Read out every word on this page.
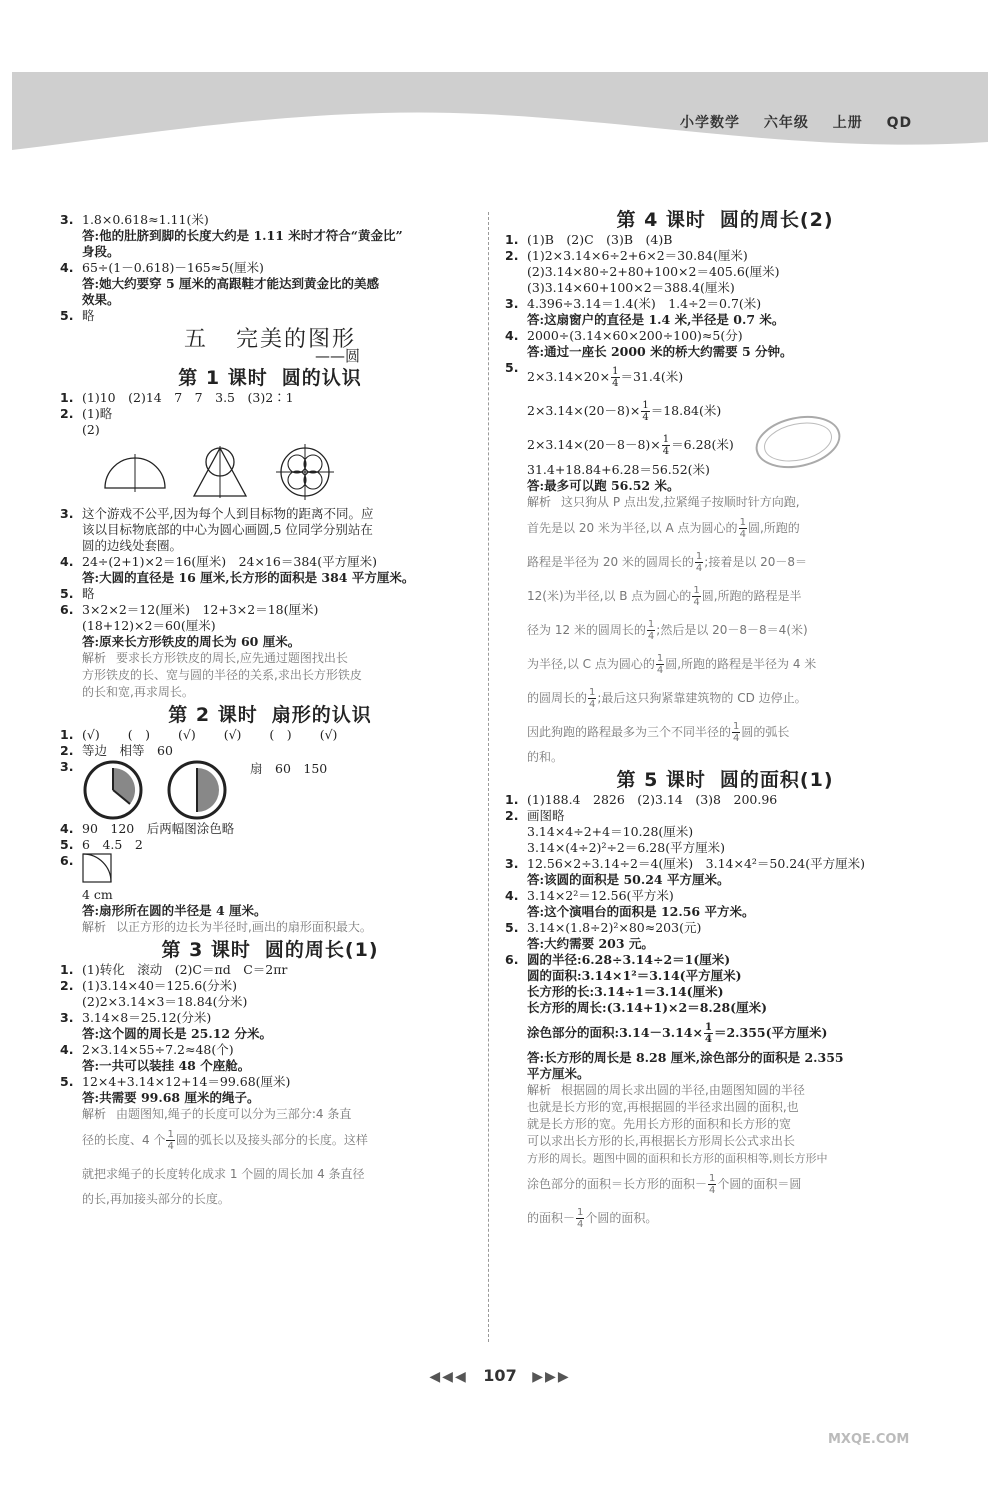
小学数学 六年级 上册 QD
3. 1.8×0.618≈1.11(米)
答:他的肚脐到脚的长度大约是 1.11 米时才符合“黄金比”
身段。
4. 65÷(1－0.618)－165≈5(厘米)
答:她大约要穿 5 厘米的高跟鞋才能达到黄金比的美感
效果。
5. 略
五 完美的图形
——圆
第 1 课时 圆的认识
1. (1)10　(2)14　7　7　3.5　(3)2∶1
2. (1)略
(2)
3. 这个游戏不公平,因为每个人到目标物的距离不同。应
该以目标物底部的中心为圆心画圆,5 位同学分别站在
圆的边线处套圈。
4. 24÷(2+1)×2＝16(厘米)　24×16＝384(平方厘米)
答:大圆的直径是 16 厘米,长方形的面积是 384 平方厘米。
5. 略
6. 3×2×2＝12(厘米)　12+3×2＝18(厘米)
(18+12)×2＝60(厘米)
答:原来长方形铁皮的周长为 60 厘米。
解析 要求长方形铁皮的周长,应先通过题图找出长
方形铁皮的长、宽与圆的半径的关系,求出长方形铁皮
的长和宽,再求周长。
第 2 课时 扇形的认识
1. (√) (　) (√) (√) (　) (√)
2. 等边　相等　60
3.	扇　60　150
4. 90　120　后两幅图涂色略
5. 6　4.5　2
6.
4 cm
答:扇形所在圆的半径是 4 厘米。
解析 以正方形的边长为半径时,画出的扇形面积最大。
第 3 课时 圆的周长(1)
1. (1)转化　滚动　(2)C＝πd　C＝2πr
2. (1)3.14×40＝125.6(分米)
(2)2×3.14×3＝18.84(分米)
3. 3.14×8＝25.12(分米)
答:这个圆的周长是 25.12 分米。
4. 2×3.14×55÷7.2≈48(个)
答:一共可以装挂 48 个座舱。
5. 12×4+3.14×12+14＝99.68(厘米)
答:共需要 99.68 厘米的绳子。
解析 由题图知,绳子的长度可以分为三部分:4 条直
径的长度、4 个 $\frac{1}{4}$ 圆的弧长以及接头部分的长度。这样
就把求绳子的长度转化成求 1 个圆的周长加 4 条直径
的长,再加接头部分的长度。
第 4 课时 圆的周长(2)
1. (1)B　(2)C　(3)B　(4)B
2. (1)2×3.14×6÷2+6×2＝30.84(厘米)
(2)3.14×80÷2+80+100×2＝405.6(厘米)
(3)3.14×60+100×2＝388.4(厘米)
3. 4.396÷3.14＝1.4(米)　1.4÷2＝0.7(米)
答:这扇窗户的直径是 1.4 米,半径是 0.7 米。
4. 2000÷(3.14×60×200÷100)≈5(分)
答:通过一座长 2000 米的桥大约需要 5 分钟。
5.
$2\times 3.14\times 20\times \frac{1}{4} =31.4$(米)
$2\times 3.14\times(20-8)\times \frac{1}{4} =18.84$(米)
$2\times 3.14\times(20-8-8)\times \frac{1}{4} =6.28$(米)
31.4+18.84+6.28＝56.52(米)
答:最多可以跑 56.52 米。
解析 这只狗从 P 点出发,拉紧绳子按顺时针方向跑,
首先是以 20 米为半径,以 A 点为圆心的 $\frac{1}{4}$ 圆,所跑的
路程是半径为 20 米的圆周长的 $\frac{1}{4}$ ;接着是以 20－8＝
12(米)为半径,以 B 点为圆心的 $\frac{1}{4}$ 圆,所跑的路程是半
径为 12 米的圆周长的 $\frac{1}{4}$ ;然后是以 20－8－8＝4(米)
为半径,以 C 点为圆心的 $\frac{1}{4}$ 圆,所跑的路程是半径为 4 米
的圆周长的 $\frac{1}{4}$ ;最后这只狗紧靠建筑物的 CD 边停止。
因此狗跑的路程最多为三个不同半径的 $\frac{1}{4}$ 圆的弧长
的和。
第 5 课时 圆的面积(1)
1. (1)188.4　2826　(2)3.14　(3)8　200.96
2. 画图略
3.14×4÷2+4＝10.28(厘米)
3.14×(4÷2)²÷2＝6.28(平方厘米)
3. 12.56×2÷3.14÷2＝4(厘米)　3.14×4²＝50.24(平方厘米)
答:该圆的面积是 50.24 平方厘米。
4. 3.14×2²＝12.56(平方米)
答:这个演唱台的面积是 12.56 平方米。
5. 3.14×(1.8÷2)²×80≈203(元)
答:大约需要 203 元。
6. 圆的半径:6.28÷3.14÷2＝1(厘米)
圆的面积:3.14×1²＝3.14(平方厘米)
长方形的长:3.14÷1＝3.14(厘米)
长方形的周长:(3.14+1)×2＝8.28(厘米)
涂色部分的面积:3.14－3.14× $\frac{1}{4} =2.355$(平方厘米)
答:长方形的周长是 8.28 厘米,涂色部分的面积是 2.355
平方厘米。
解析 根据圆的周长求出圆的半径,由题图知圆的半径
也就是长方形的宽,再根据圆的半径求出圆的面积,也
就是长方形的宽。先用长方形的面积和长方形的宽
可以求出长方形的长,再根据长方形周长公式求出长
方形的周长。题图中圆的面积和长方形的面积相等,则长方形中
涂色部分的面积＝长方形的面积－ $\frac{1}{4}$ 个圆的面积＝圆
的面积－ $\frac{1}{4}$ 个圆的面积。
◀◀◀ 107 ▶▶▶
MXQE.COM
